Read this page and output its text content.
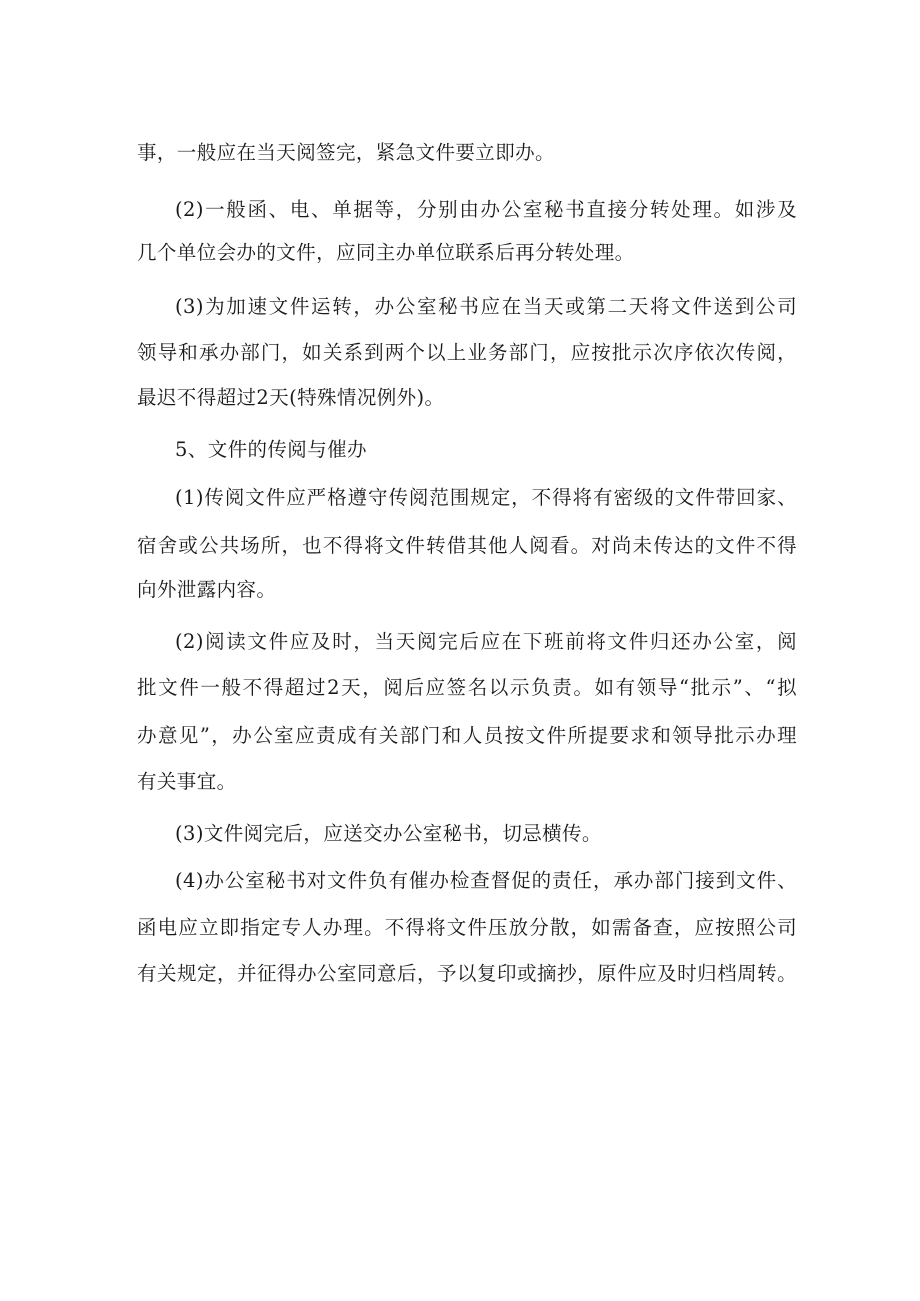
事，一般应在当天阅签完，紧急文件要立即办。
(2)一般函、电、单据等，分别由办公室秘书直接分转处理。如涉及
几个单位会办的文件，应同主办单位联系后再分转处理。
(3)为加速文件运转，办公室秘书应在当天或第二天将文件送到公司
领导和承办部门，如关系到两个以上业务部门，应按批示次序依次传阅，
最迟不得超过2天(特殊情况例外)。
5、文件的传阅与催办
(1)传阅文件应严格遵守传阅范围规定，不得将有密级的文件带回家、
宿舍或公共场所，也不得将文件转借其他人阅看。对尚未传达的文件不得
向外泄露内容。
(2)阅读文件应及时，当天阅完后应在下班前将文件归还办公室，阅
批文件一般不得超过2天，阅后应签名以示负责。如有领导“批示”、“拟
办意见”，办公室应责成有关部门和人员按文件所提要求和领导批示办理
有关事宜。
(3)文件阅完后，应送交办公室秘书，切忌横传。
(4)办公室秘书对文件负有催办检查督促的责任，承办部门接到文件、
函电应立即指定专人办理。不得将文件压放分散，如需备查，应按照公司
有关规定，并征得办公室同意后，予以复印或摘抄，原件应及时归档周转。
